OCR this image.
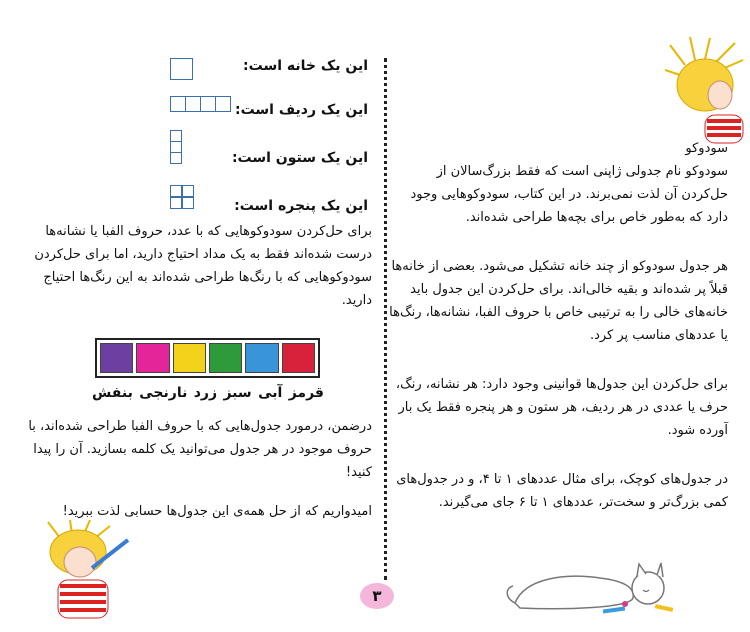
سودوکو

سودوکو نام جدولی ژاپنی است که فقط بزرگ‌سالان از حل‌کردن آن لذت نمی‌برند. در این کتاب، سودوکوهایی وجود دارد که به‌طور خاص برای بچه‌ها طراحی شده‌اند.

هر جدول سودوکو از چند خانه تشکیل می‌شود. بعضی از خانه‌ها قبلاً پر شده‌اند و بقیه خالی‌اند. برای حل‌کردن این جدول باید خانه‌های خالی را به ترتیبی خاص با حروف الفبا، نشانه‌ها، رنگ‌ها یا عددهای مناسب پر کرد.

برای حل‌کردن این جدول‌ها قوانینی وجود دارد: هر نشانه، رنگ، حرف یا عددی در هر ردیف، هر ستون و هر پنجره فقط یک بار آورده شود.

در جدول‌های کوچک، برای مثال عددهای ۱ تا ۴، و در جدول‌های کمی بزرگ‌تر و سخت‌تر، عددهای ۱ تا ۶ جای می‌گیرند.

این یک خانه است:
این یک ردیف است:
این یک ستون است:
این یک پنجره است:
برای حل‌کردن سودوکوهایی که با عدد، حروف الفبا یا نشانه‌ها درست شده‌اند فقط به یک مداد احتیاج دارید، اما برای حل‌کردن سودوکوهایی که با رنگ‌ها طراحی شده‌اند به این رنگ‌ها احتیاج دارید.
قرمز
آبی
سبز
زرد
نارنجی
بنفش
درضمن، درمورد جدول‌هایی که با حروف الفبا طراحی شده‌اند، با حروف موجود در هر جدول می‌توانید یک کلمه بسازید. آن را پیدا کنید!
امیدواریم که از حل همه‌ی این جدول‌ها حسابی لذت ببرید!
۳
